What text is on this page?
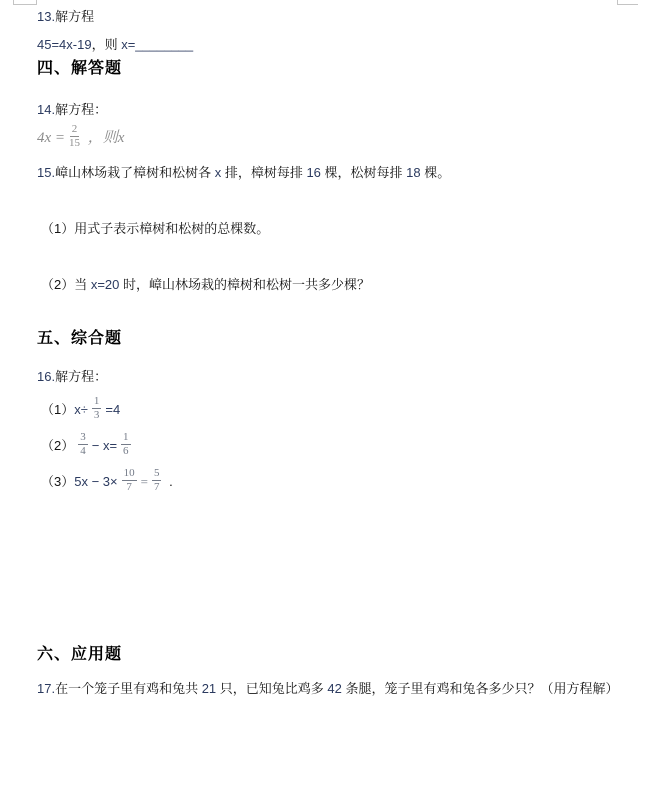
13.解方程
45=4x-19，则 x=________
四、解答题
14.解方程：
$4x = \frac{2}{15}$ ，则x
15.嶂山林场栽了樟树和松树各 x 排，樟树每排 16 棵，松树每排 18 棵。
（1）用式子表示樟树和松树的总棵数。
（2）当 x=20 时，嶂山林场栽的樟树和松树一共多少棵？
五、综合题
16.解方程：
$(1)x\div \frac{1}{3} =4$
$(2) \frac{3}{4} - x= \frac{1}{6}$
$(3)5x - 3\times \frac{10}{7} = \frac{5}{7}$ .
六、应用题
17.在一个笼子里有鸡和兔共 21 只，已知兔比鸡多 42 条腿，笼子里有鸡和兔各多少只？（用方程解）
